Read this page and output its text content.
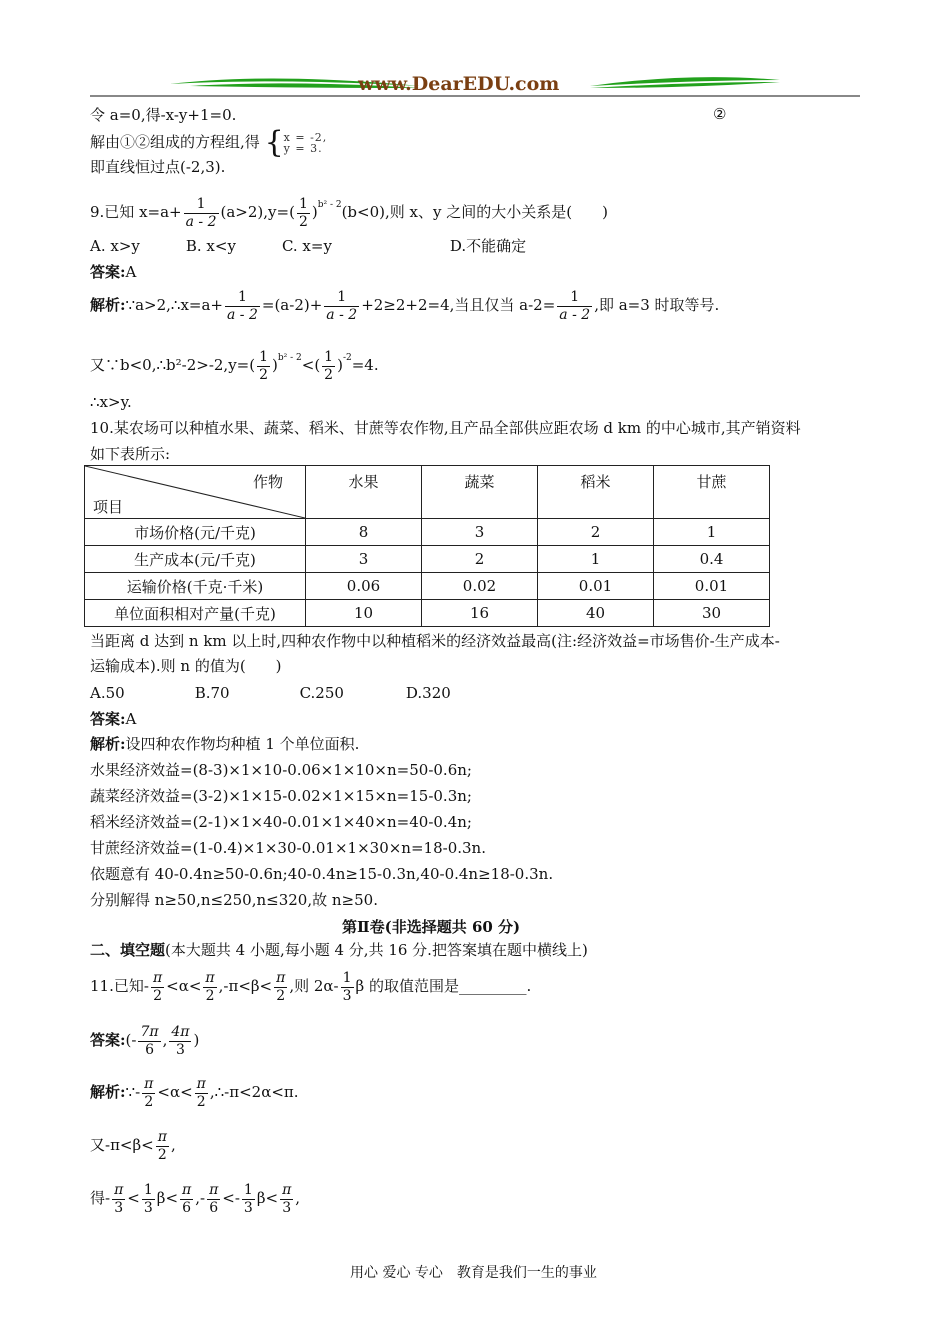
www.DearEDU.com
令 a=0,得-x-y+1=0.	②
解由①②组成的方程组,得 {x = -2,
y = 3.
即直线恒过点(-2,3).
9.已知 $x=a+ \frac{1}{a - 2} (a>2),y=( \frac{1}{2} )^{b^2 - 2}(b<0)$,则 x、y 之间的大小关系是(　　)
A. x>y	B. x<y	C. x=y	D.不能确定
答案:A
解析:∵a>2,∴x=a+ $\frac{1}{a - 2} =(a-2)+ \frac{1}{a - 2} +2\ge 2+2=4$,当且仅当 $a-2= \frac{1}{a - 2}$ ,即 a=3 时取等号.
又∵b<0,∴b²-2>-2,y=( $\frac{1}{2} )^{b^2 - 2}<( \frac{1}{2} )^{-2}=4$.
∴x>y.
10.某农场可以种植水果、蔬菜、稻米、甘蔗等农作物,且产品全部供应距农场 d km 的中心城市,其产销资料
如下表所示:
作物
项目	水果	蔬菜	稻米	甘蔗
市场价格(元/千克)	8	3	2	1
生产成本(元/千克)	3	2	1	0.4
运输价格(千克·千米)	0.06	0.02	0.01	0.01
单位面积相对产量(千克)	10	16	40	30
当距离 d 达到 n km 以上时,四种农作物中以种植稻米的经济效益最高(注:经济效益=市场售价-生产成本-
运输成本).则 n 的值为(　　)
A.50	B.70	C.250	D.320
答案:A
解析:设四种农作物均种植 1 个单位面积.
水果经济效益=(8-3)×1×10-0.06×1×10×n=50-0.6n;
蔬菜经济效益=(3-2)×1×15-0.02×1×15×n=15-0.3n;
稻米经济效益=(2-1)×1×40-0.01×1×40×n=40-0.4n;
甘蔗经济效益=(1-0.4)×1×30-0.01×1×30×n=18-0.3n.
依题意有 40-0.4n≥50-0.6n;40-0.4n≥15-0.3n,40-0.4n≥18-0.3n.
分别解得 n≥50,n≤250,n≤320,故 n≥50.
第Ⅱ卷(非选择题共 60 分)
二、填空题(本大题共 4 小题,每小题 4 分,共 16 分.把答案填在题中横线上)
11.已知- $\frac{\pi}{2} <\alpha< \frac{\pi}{2} ,-\pi<\beta< \frac{\pi}{2}$ ,则 $2\alpha- \frac{1}{3}$ β 的取值范围是_________.
答案:(- $\frac{7\pi}{6}$ , $\frac{4\pi}{3}$ )
解析:∵- $\frac{\pi}{2} <\alpha< \frac{\pi}{2}$ ,∴-π<2α<π.
又$-\pi<\beta< \frac{\pi}{2}$ ,
得- $\frac{\pi}{3} < \frac{1}{3} \beta< \frac{\pi}{6}$ ,- $\frac{\pi}{6} <- \frac{1}{3} \beta< \frac{\pi}{3}$ ,
用心 爱心 专心　教育是我们一生的事业
